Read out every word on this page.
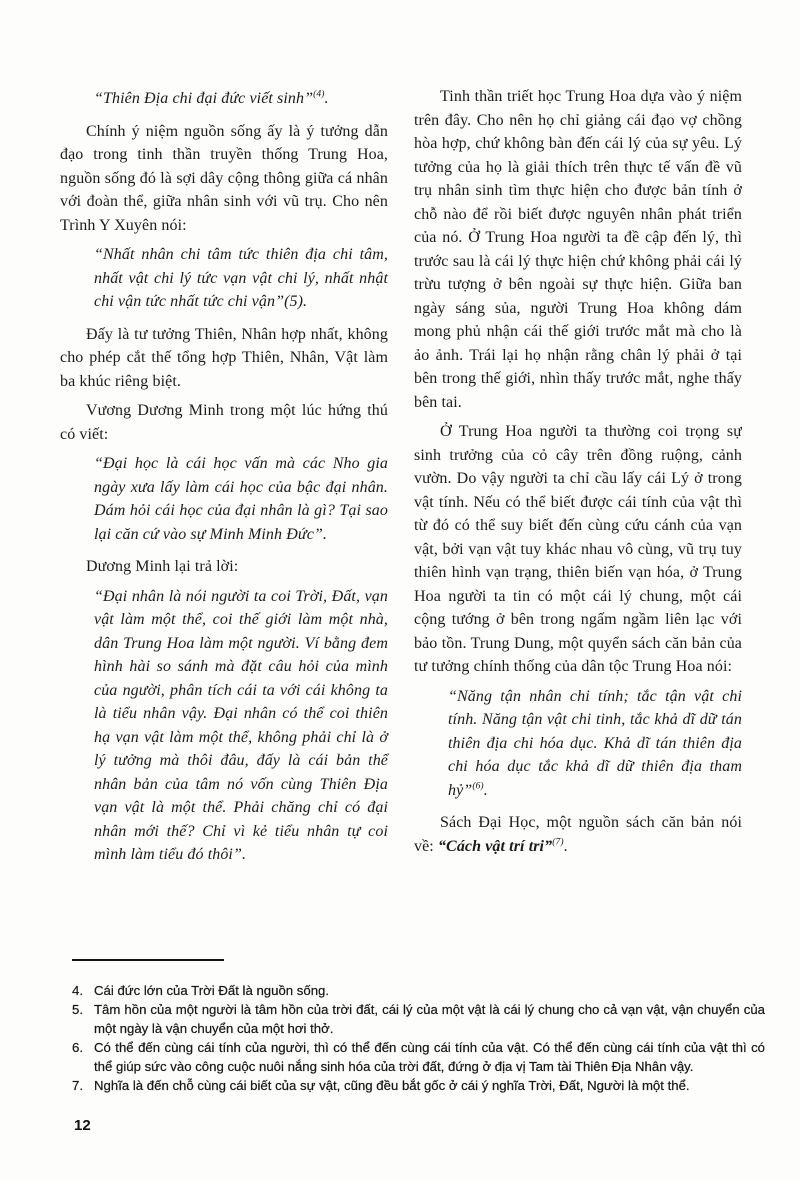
“Thiên Địa chi đại đức viết sinh”$^{(4)}$.

Chính ý niệm nguồn sống ấy là ý tưởng dẫn đạo trong tinh thần truyền thống Trung Hoa, nguồn sống đó là sợi dây cộng thông giữa cá nhân với đoàn thể, giữa nhân sinh với vũ trụ. Cho nên Trình Y Xuyên nói:

“Nhất nhân chi tâm tức thiên địa chi tâm, nhất vật chi lý tức vạn vật chi lý, nhất nhật chi vận tức nhất tức chi vận”(5).

Đấy là tư tưởng Thiên, Nhân hợp nhất, không cho phép cắt thế tổng hợp Thiên, Nhân, Vật làm ba khúc riêng biệt.

Vương Dương Minh trong một lúc hứng thú có viết:

“Đại học là cái học vấn mà các Nho gia ngày xưa lấy làm cái học của bậc đại nhân. Dám hỏi cái học của đại nhân là gì? Tại sao lại căn cứ vào sự Minh Minh Đức”.

Dương Minh lại trả lời:

“Đại nhân là nói người ta coi Trời, Đất, vạn vật làm một thể, coi thế giới làm một nhà, dân Trung Hoa làm một người. Ví bằng đem hình hài so sánh mà đặt câu hỏi của mình của người, phân tích cái ta với cái không ta là tiểu nhân vậy. Đại nhân có thể coi thiên hạ vạn vật làm một thể, không phải chỉ là ở lý tưởng mà thôi đâu, đấy là cái bản thể nhân bản của tâm nó vốn cùng Thiên Địa vạn vật là một thể. Phải chăng chỉ có đại nhân mới thế? Chỉ vì kẻ tiểu nhân tự coi mình làm tiểu đó thôi”.

Tinh thần triết học Trung Hoa dựa vào ý niệm trên đây. Cho nên họ chỉ giảng cái đạo vợ chồng hòa hợp, chứ không bàn đến cái lý của sự yêu. Lý tưởng của họ là giải thích trên thực tế vấn đề vũ trụ nhân sinh tìm thực hiện cho được bản tính ở chỗ nào để rồi biết được nguyên nhân phát triển của nó. Ở Trung Hoa người ta đề cập đến lý, thì trước sau là cái lý thực hiện chứ không phải cái lý trừu tượng ở bên ngoài sự thực hiện. Giữa ban ngày sáng sủa, người Trung Hoa không dám mong phủ nhận cái thế giới trước mắt mà cho là ảo ảnh. Trái lại họ nhận rằng chân lý phải ở tại bên trong thế giới, nhìn thấy trước mắt, nghe thấy bên tai.

Ở Trung Hoa người ta thường coi trọng sự sinh trưởng của cỏ cây trên đồng ruộng, cảnh vườn. Do vậy người ta chỉ cầu lấy cái Lý ở trong vật tính. Nếu có thể biết được cái tính của vật thì từ đó có thể suy biết đến cùng cứu cánh của vạn vật, bởi vạn vật tuy khác nhau vô cùng, vũ trụ tuy thiên hình vạn trạng, thiên biến vạn hóa, ở Trung Hoa người ta tin có một cái lý chung, một cái cộng tướng ở bên trong ngấm ngầm liên lạc với bảo tồn. Trung Dung, một quyển sách căn bản của tư tưởng chính thống của dân tộc Trung Hoa nói:

“Năng tận nhân chi tính; tắc tận vật chi tính. Năng tận vật chi tinh, tắc khả dĩ dữ tán thiên địa chi hóa dục. Khả dĩ tán thiên địa chi hóa dục tắc khả dĩ dữ thiên địa tham hỷ”$^{(6)}$.

Sách Đại Học, một nguồn sách căn bản nói về: “Cách vật trí tri”$^{(7)}$.

4. Cái đức lớn của Trời Đất là nguồn sống.
5. Tâm hồn của một người là tâm hồn của trời đất, cái lý của một vật là cái lý chung cho cả vạn vật, vận chuyển của một ngày là vận chuyển của một hơi thở.
6. Có thể đến cùng cái tính của người, thì có thể đến cùng cái tính của vật. Có thể đến cùng cái tính của vật thì có thể giúp sức vào công cuộc nuôi nắng sinh hóa của trời đất, đứng ở địa vị Tam tài Thiên Địa Nhân vậy.
7. Nghĩa là đến chỗ cùng cái biết của sự vật, cũng đều bắt gốc ở cái ý nghĩa Trời, Đất, Người là một thể.
12
